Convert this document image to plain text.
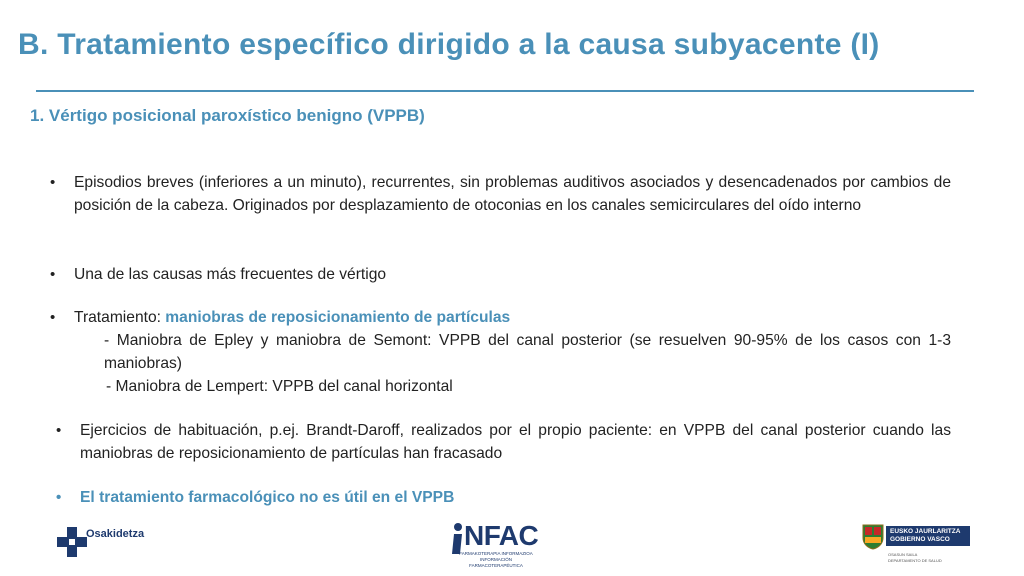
B. Tratamiento específico dirigido a la causa subyacente (I)
1. Vértigo posicional paroxístico benigno (VPPB)
•	Episodios breves (inferiores a un minuto), recurrentes, sin problemas auditivos asociados y desencadenados por cambios de posición de la cabeza. Originados por desplazamiento de otoconias en los canales semicirculares del oído interno
•	Una de las causas más frecuentes de vértigo
•	Tratamiento: maniobras de reposicionamiento de partículas
- Maniobra de Epley y maniobra de Semont: VPPB del canal posterior (se resuelven 90-95% de los casos con 1-3 maniobras)
- Maniobra de Lempert: VPPB del canal horizontal
•	Ejercicios de habituación, p.ej. Brandt-Daroff, realizados por el propio paciente: en VPPB del canal posterior cuando las maniobras de reposicionamiento de partículas han fracasado
•	El tratamiento farmacológico no es útil en el VPPB
Osakidetza	NFAC
FARMAKOTERAPIA INFORMAZIOA
INFORMACIÓN FARMACOTERAPÉUTICA
EUSKO JAURLARITZA
GOBIERNO VASCO
OSASUN SAILA
DEPARTAMENTO DE SALUD
